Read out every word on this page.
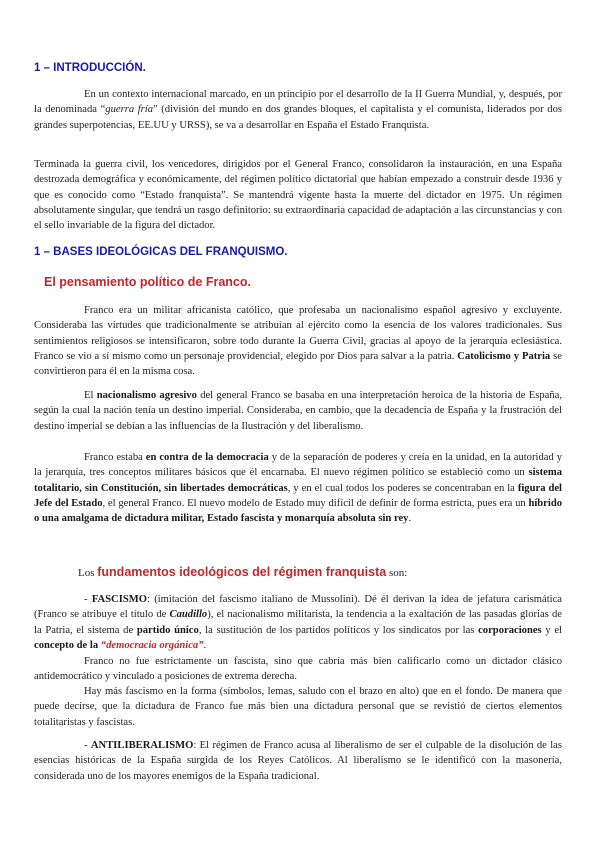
1 – INTRODUCCIÓN.

En un contexto internacional marcado, en un principio por el desarrollo de la II Guerra Mundial, y, después, por la denominada “guerra fría” (división del mundo en dos grandes bloques, el capitalista y el comunista, liderados por dos grandes superpotencias, EE.UU y URSS), se va a desarrollar en España el Estado Franquista.

Terminada la guerra civil, los vencedores, dirigidos por el General Franco, consolidaron la instauración, en una España destrozada demográfica y económicamente, del régimen político dictatorial que habían empezado a construir desde 1936 y que es conocido como “Estado franquista”. Se mantendrá vigente hasta la muerte del dictador en 1975. Un régimen absolutamente singular, que tendrá un rasgo definitorio: su extraordinaria capacidad de adaptación a las circunstancias y con el sello invariable de la figura del dictador.

1 – BASES IDEOLÓGICAS DEL FRANQUISMO.
El pensamiento político de Franco.

Franco era un militar africanista católico, que profesaba un nacionalismo español agresivo y excluyente. Consideraba las virtudes que tradicionalmente se atribuían al ejército como la esencia de los valores tradicionales. Sus sentimientos religiosos se intensificaron, sobre todo durante la Guerra Civil, gracias al apoyo de la jerarquía eclesiástica. Franco se vio a sí mismo como un personaje providencial, elegido por Dios para salvar a la patria. Catolicismo y Patria se convirtieron para él en la misma cosa.

El nacionalismo agresivo del general Franco se basaba en una interpretación heroica de la historia de España, según la cual la nación tenía un destino imperial. Consideraba, en cambio, que la decadencia de España y la frustración del destino imperial se debían a las influencias de la Ilustración y del liberalismo.

Franco estaba en contra de la democracia y de la separación de poderes y creía en la unidad, en la autoridad y la jerarquía, tres conceptos militares básicos que él encarnaba. El nuevo régimen político se estableció como un sistema totalitario, sin Constitución, sin libertades democráticas, y en el cual todos los poderes se concentraban en la figura del Jefe del Estado, el general Franco. El nuevo modelo de Estado muy difícil de definir de forma estricta, pues era un híbrido o una amalgama de dictadura militar, Estado fascista y monarquía absoluta sin rey.

Los fundamentos ideológicos del régimen franquista son:

- FASCISMO: (imitación del fascismo italiano de Mussolini). Dé él derivan la idea de jefatura carismática (Franco se atribuye el título de Caudillo), el nacionalismo militarista, la tendencia a la exaltación de las pasadas glorias de la Patria, el sistema de partido único, la sustitución de los partidos políticos y los sindicatos por las corporaciones y el concepto de la “democracia orgánica”.

Franco no fue estrictamente un fascista, sino que cabría más bien calificarlo como un dictador clásico antidemocrático y vinculado a posiciones de extrema derecha.

Hay más fascismo en la forma (símbolos, lemas, saludo con el brazo en alto) que en el fondo. De manera que puede decirse, que la dictadura de Franco fue más bien una dictadura personal que se revistió de ciertos elementos totalitaristas y fascistas.

- ANTILIBERALISMO: El régimen de Franco acusa al liberalismo de ser el culpable de la disolución de las esencias históricas de la España surgida de los Reyes Católicos. Al liberalismo se le identificó con la masonería, considerada uno de los mayores enemigos de la España tradicional.
